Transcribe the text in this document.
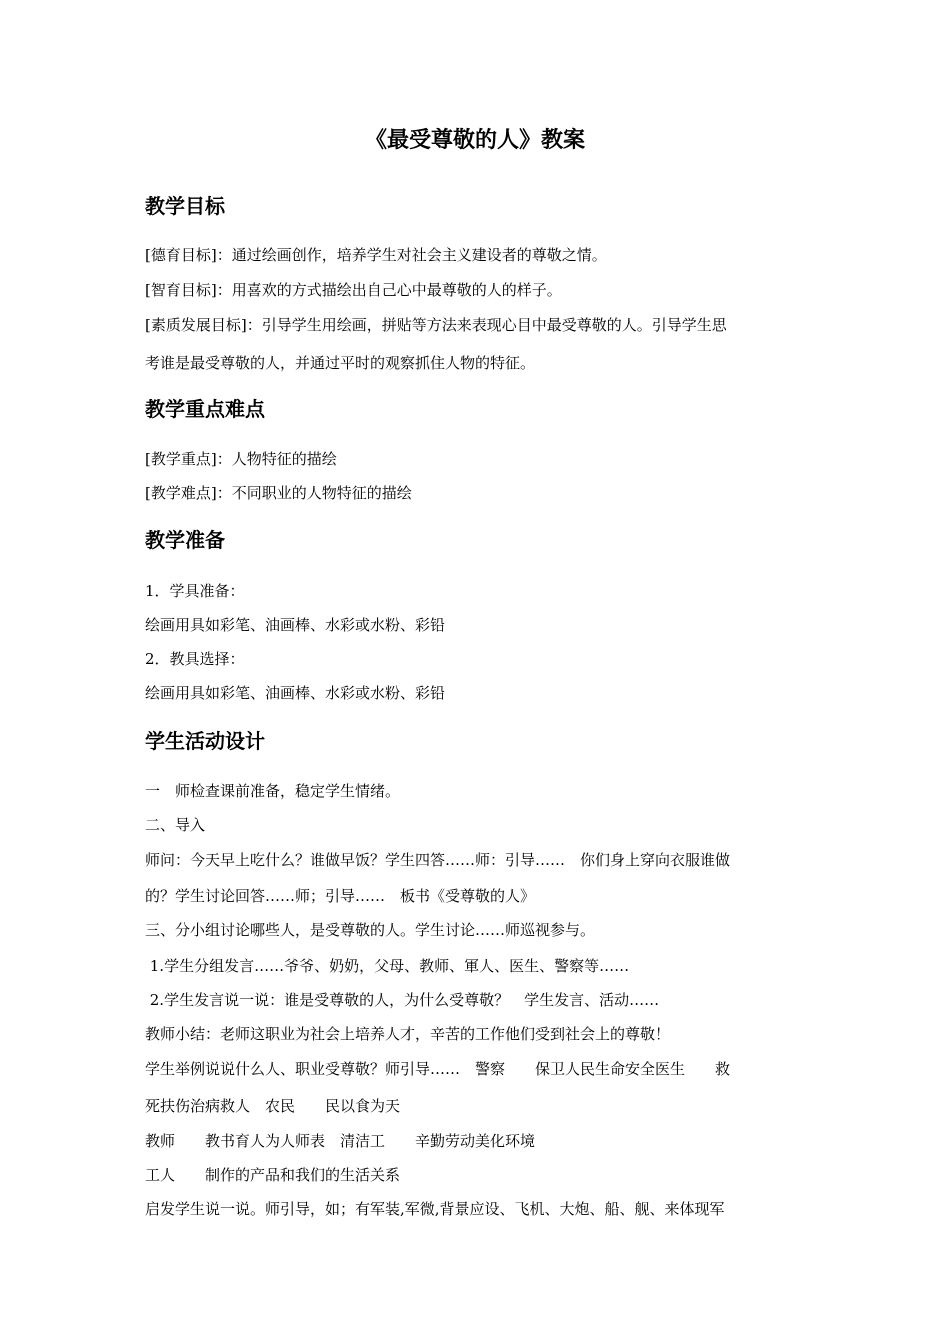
《最受尊敬的人》教案
教学目标
[德育目标]：通过绘画创作，培养学生对社会主义建设者的尊敬之情。
[智育目标]：用喜欢的方式描绘出自己心中最尊敬的人的样子。
[素质发展目标]：引导学生用绘画，拼贴等方法来表现心目中最受尊敬的人。引导学生思
考谁是最受尊敬的人，并通过平时的观察抓住人物的特征。
教学重点难点
[教学重点]：人物特征的描绘
[教学难点]：不同职业的人物特征的描绘
教学准备
1．学具准备：
绘画用具如彩笔、油画棒、水彩或水粉、彩铅
2．教具选择：
绘画用具如彩笔、油画棒、水彩或水粉、彩铅
学生活动设计
一　师检查课前准备，稳定学生情绪。
二、导入
师问：今天早上吃什么？谁做早饭？学生四答……师：引导……　你们身上穿向衣服谁做
的？学生讨论回答……师；引导……　板书《受尊敬的人》
三、分小组讨论哪些人，是受尊敬的人。学生讨论……师巡视参与。
1.学生分组发言……爷爷、奶奶，父母、教师、軍人、医生、警察等……
2.学生发言说一说：谁是受尊敬的人，为什么受尊敬？　学生发言、活动……
教师小结：老师这职业为社会上培养人才，辛苦的工作他们受到社会上的尊敬！
学生举例说说什么人、职业受尊敬？师引导……　警察　　保卫人民生命安全医生　　救
死扶伤治病救人　农民　　民以食为天
教师　　教书育人为人师表　清洁工　　辛勤劳动美化环境
工人　　制作的产品和我们的生活关系
启发学生说一说。师引导，如；有军装,军微,背景应设、飞机、大炮、船、舰、来体现军
